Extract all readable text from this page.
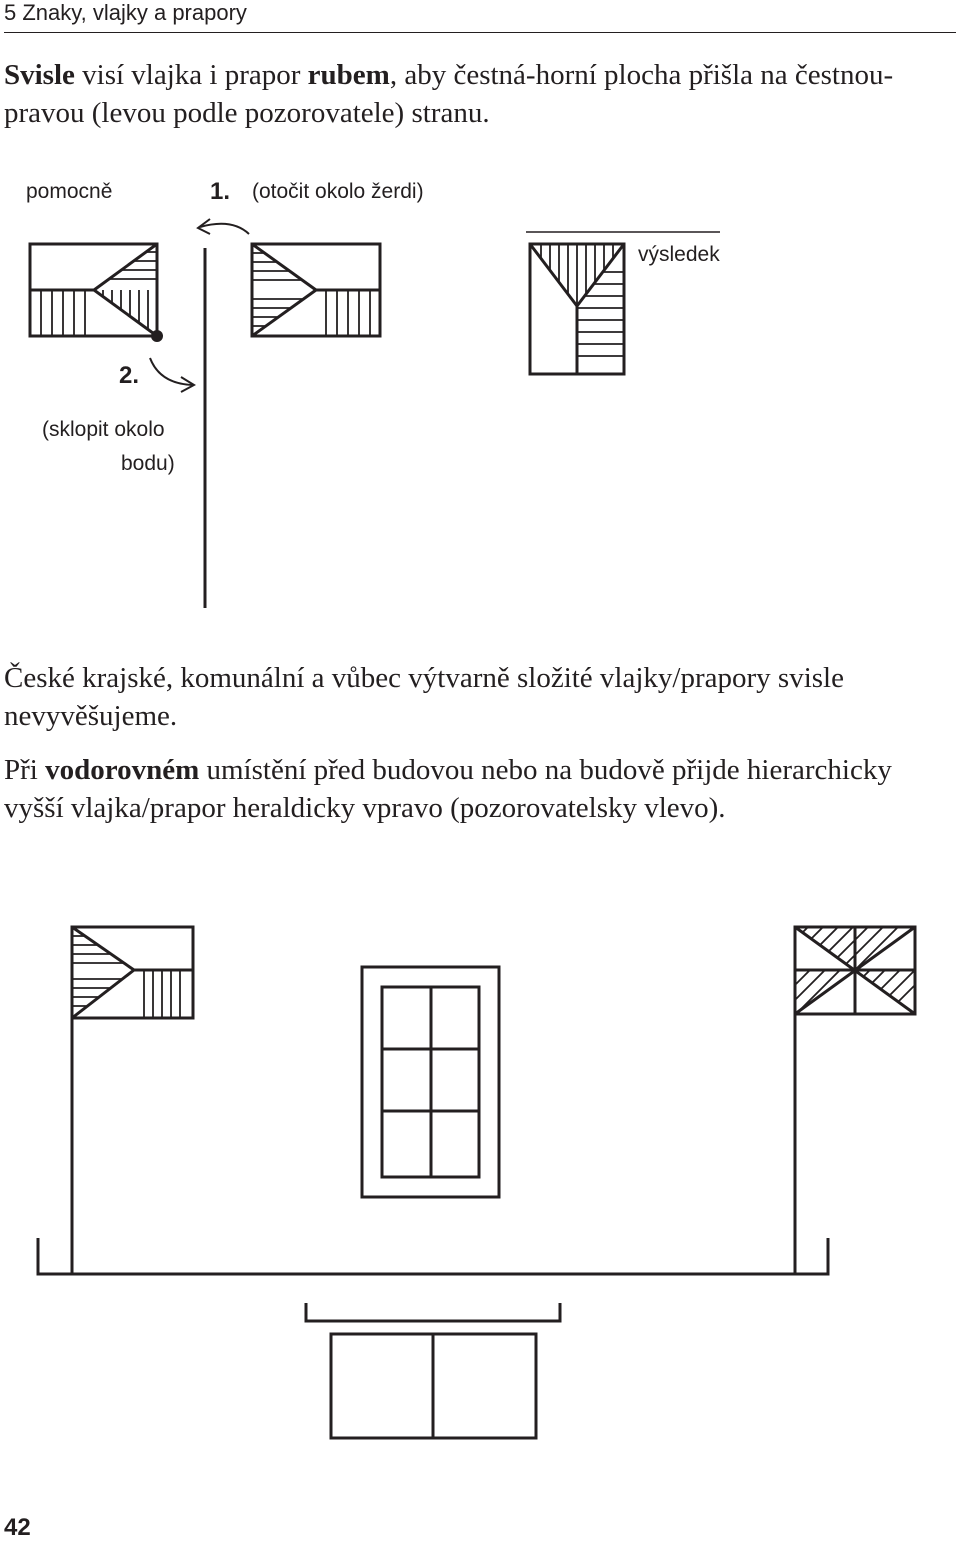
5 Znaky, vlajky a prapory

Svisle visí vlajka i prapor rubem, aby čestná-horní plocha přišla na čestnou-pravou (levou podle pozorovatele) stranu.

pomocně	1. (otočit okolo žerdi)
výsledek
2.
(sklopit okolo
bodu)

České krajské, komunální a vůbec výtvarně složité vlajky/prapory svisle nevyvěšujeme.

Při vodorovném umístění před budovou nebo na budově přijde hierarchicky vyšší vlajka/prapor heraldicky vpravo (pozorovatelsky vlevo).

42
